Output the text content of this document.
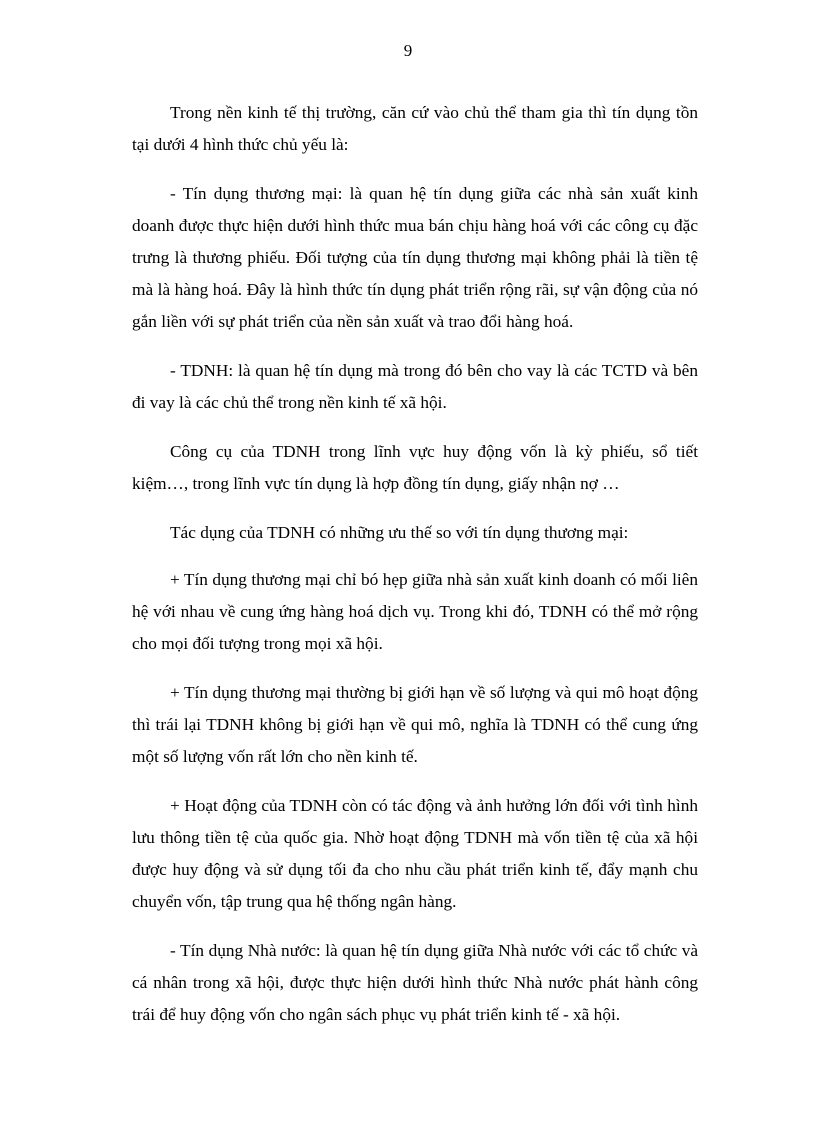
9

Trong nền kinh tế thị trường, căn cứ vào chủ thể tham gia thì tín dụng tồn tại dưới 4 hình thức chủ yếu là:

- Tín dụng thương mại: là quan hệ tín dụng giữa các nhà sản xuất kinh doanh được thực hiện dưới hình thức mua bán chịu hàng hoá với các công cụ đặc trưng là thương phiếu. Đối tượng của tín dụng thương mại không phải là tiền tệ mà là hàng hoá. Đây là hình thức tín dụng phát triển rộng rãi, sự vận động của nó gắn liền với sự phát triển của nền sản xuất và trao đổi hàng hoá.

- TDNH: là quan hệ tín dụng mà trong đó bên cho vay là các TCTD và bên đi vay là các chủ thể trong nền kinh tế xã hội.

Công cụ của TDNH trong lĩnh vực huy động vốn là kỳ phiếu, sổ tiết kiệm…, trong lĩnh vực tín dụng là hợp đồng tín dụng, giấy nhận nợ …

Tác dụng của TDNH có những ưu thế so với tín dụng thương mại:

+ Tín dụng thương mại chỉ bó hẹp giữa nhà sản xuất kinh doanh có mối liên hệ với nhau về cung ứng hàng hoá dịch vụ. Trong khi đó, TDNH có thể mở rộng cho mọi đối tượng trong mọi xã hội.

+ Tín dụng thương mại thường bị giới hạn về số lượng và qui mô hoạt động thì trái lại TDNH không bị giới hạn về qui mô, nghĩa là TDNH có thể cung ứng một số lượng vốn rất lớn cho nền kinh tế.

+ Hoạt động của TDNH còn có tác động và ảnh hưởng lớn đối với tình hình lưu thông tiền tệ của quốc gia. Nhờ hoạt động TDNH mà vốn tiền tệ của xã hội được huy động và sử dụng tối đa cho nhu cầu phát triển kinh tế, đẩy mạnh chu chuyển vốn, tập trung qua hệ thống ngân hàng.

- Tín dụng Nhà nước: là quan hệ tín dụng giữa Nhà nước với các tổ chức và cá nhân trong xã hội, được thực hiện dưới hình thức Nhà nước phát hành công trái để huy động vốn cho ngân sách phục vụ phát triển kinh tế - xã hội.
